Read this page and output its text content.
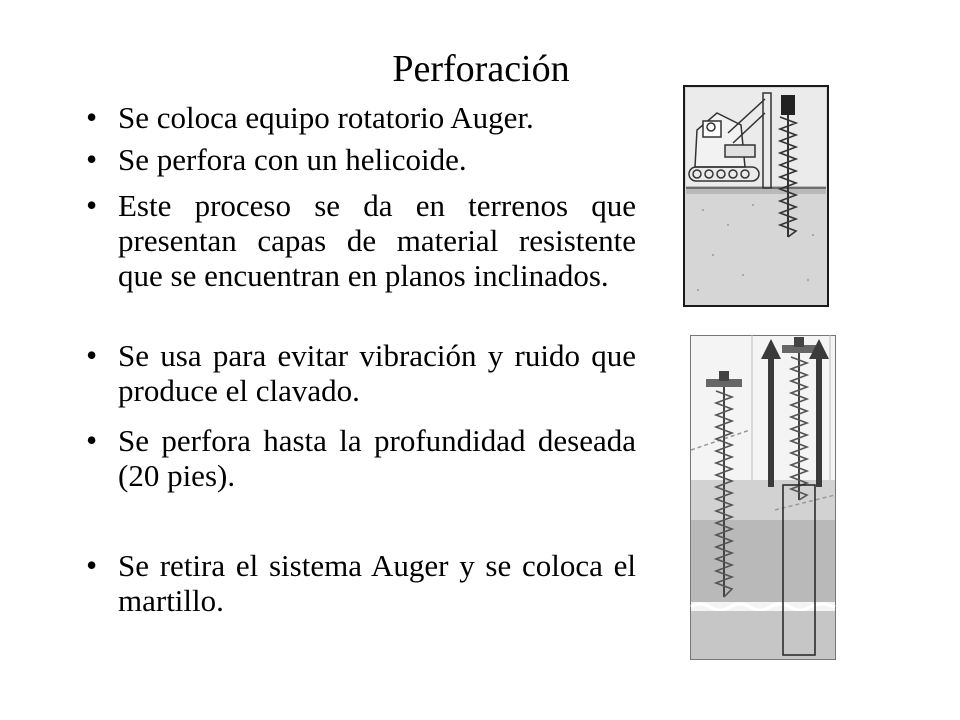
Perforación
• Se coloca equipo rotatorio Auger.
• Se perfora con un helicoide.
• Este proceso se da en terrenos que presentan capas de material resistente que se encuentran en planos inclinados.
• Se usa para evitar vibración y ruido que produce el clavado.
• Se perfora hasta la profundidad deseada (20 pies).
• Se retira el sistema Auger y se coloca el martillo.
